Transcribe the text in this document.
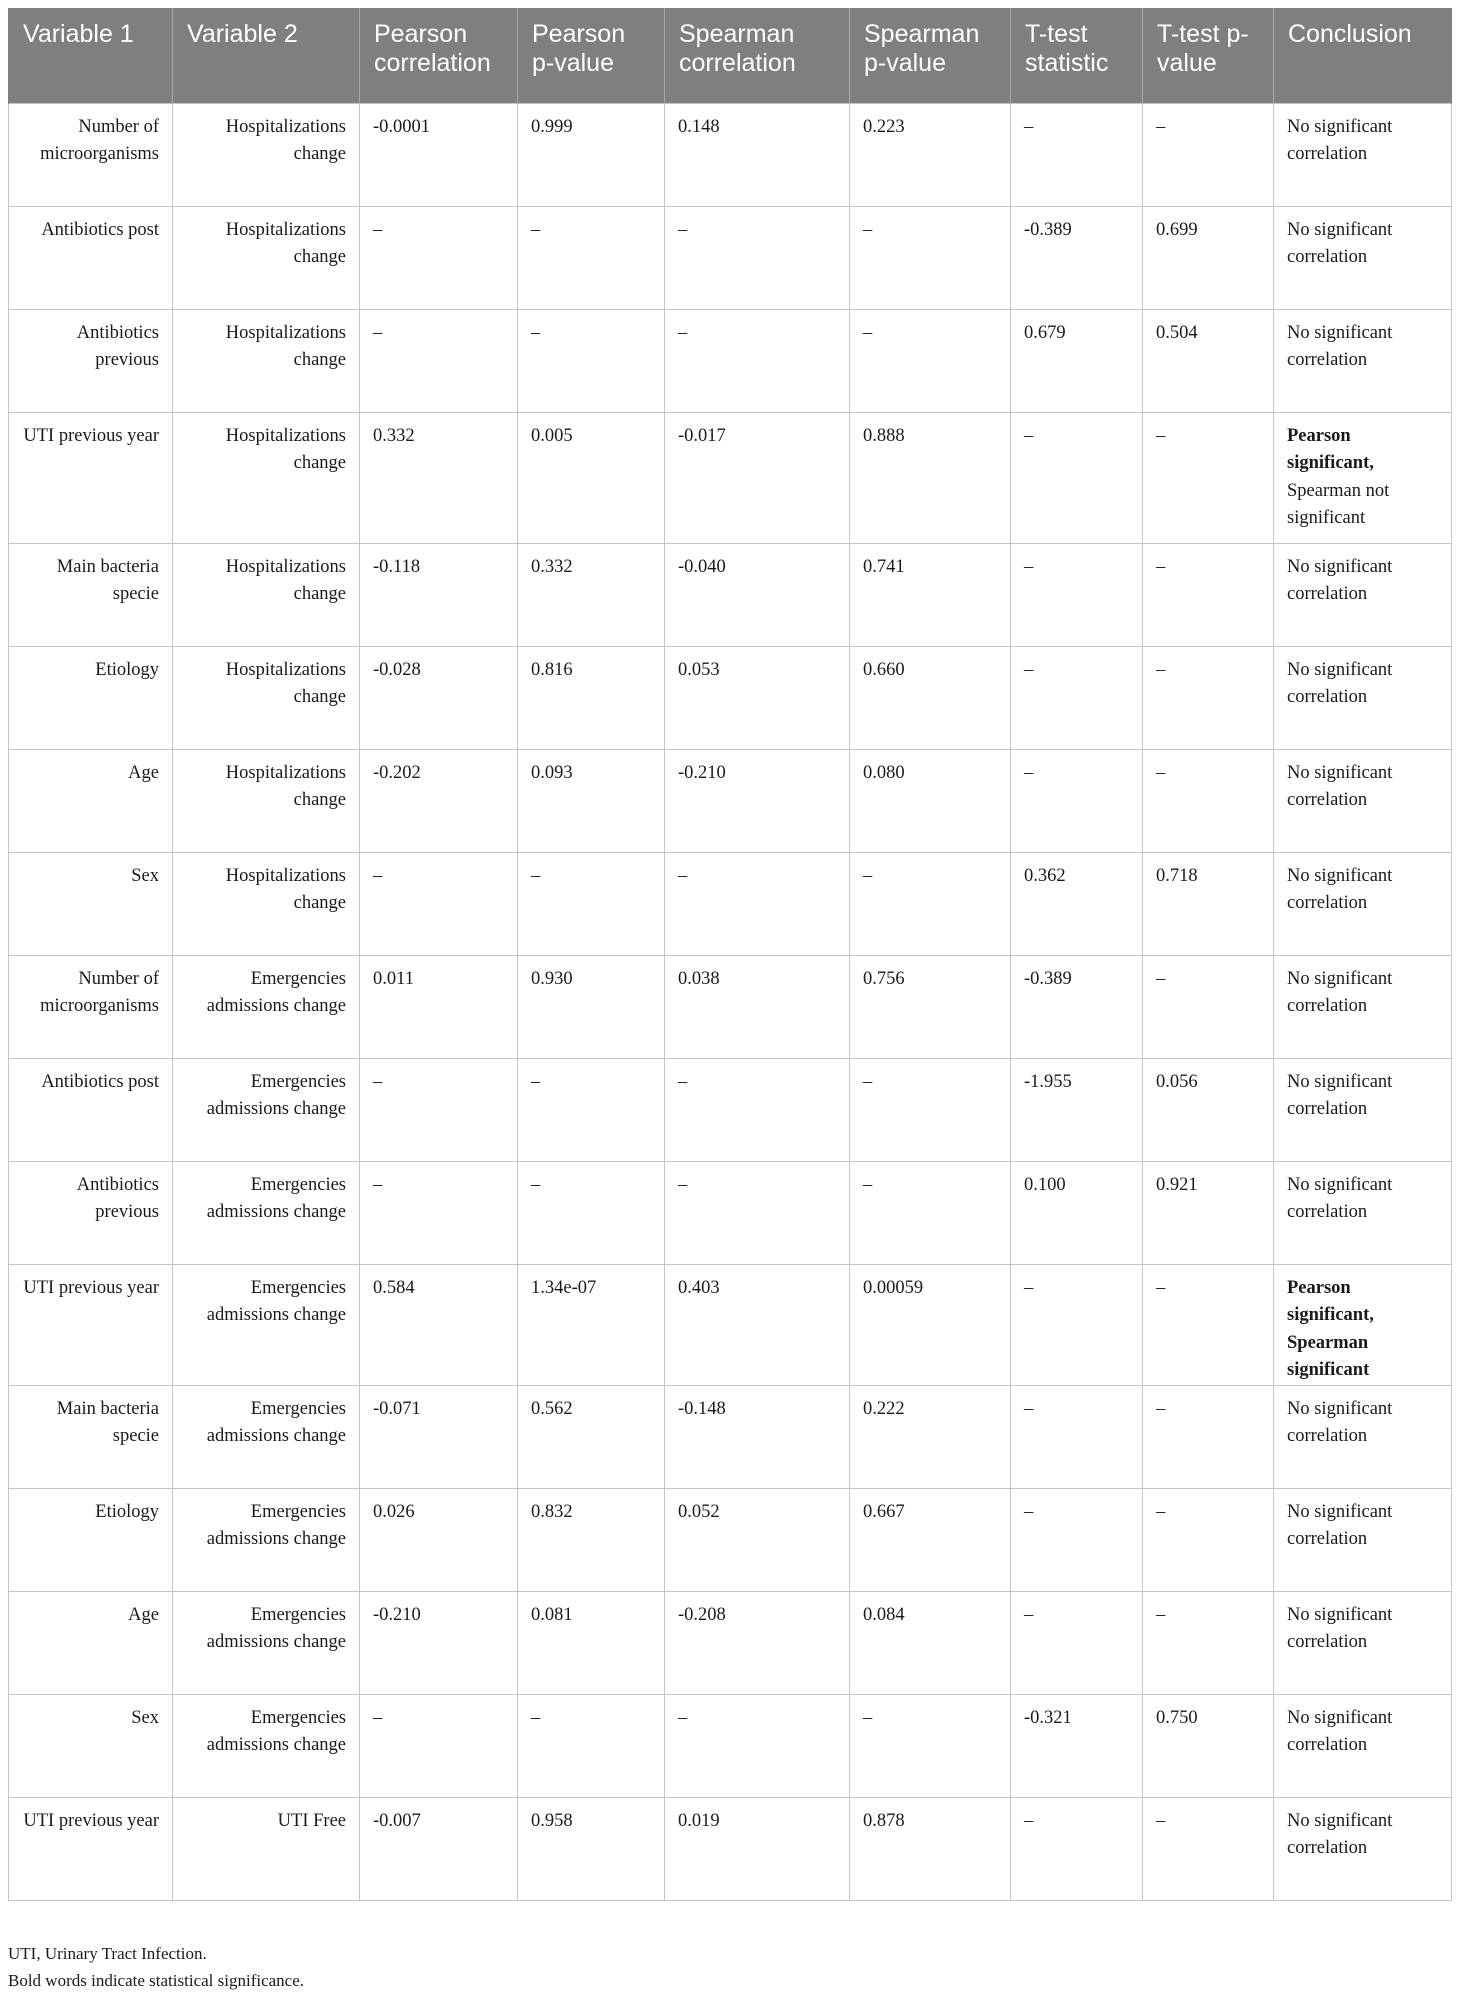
Variable 1	Variable 2	Pearson correlation	Pearson p-value	Spearman correlation	Spearman p-value	T-test statistic	T-test p-value	Conclusion
Number of microorganisms	Hospitalizations change	-0.0001	0.999	0.148	0.223	–	–	No significant correlation
Antibiotics post	Hospitalizations change	–	–	–	–	-0.389	0.699	No significant correlation
Antibiotics previous	Hospitalizations change	–	–	–	–	0.679	0.504	No significant correlation
UTI previous year	Hospitalizations change	0.332	0.005	-0.017	0.888	–	–	Pearson significant, Spearman not significant
Main bacteria specie	Hospitalizations change	-0.118	0.332	-0.040	0.741	–	–	No significant correlation
Etiology	Hospitalizations change	-0.028	0.816	0.053	0.660	–	–	No significant correlation
Age	Hospitalizations change	-0.202	0.093	-0.210	0.080	–	–	No significant correlation
Sex	Hospitalizations change	–	–	–	–	0.362	0.718	No significant correlation
Number of microorganisms	Emergencies admissions change	0.011	0.930	0.038	0.756	-0.389	–	No significant correlation
Antibiotics post	Emergencies admissions change	–	–	–	–	-1.955	0.056	No significant correlation
Antibiotics previous	Emergencies admissions change	–	–	–	–	0.100	0.921	No significant correlation
UTI previous year	Emergencies admissions change	0.584	1.34e-07	0.403	0.00059	–	–	Pearson significant, Spearman significant
Main bacteria specie	Emergencies admissions change	-0.071	0.562	-0.148	0.222	–	–	No significant correlation
Etiology	Emergencies admissions change	0.026	0.832	0.052	0.667	–	–	No significant correlation
Age	Emergencies admissions change	-0.210	0.081	-0.208	0.084	–	–	No significant correlation
Sex	Emergencies admissions change	–	–	–	–	-0.321	0.750	No significant correlation
UTI previous year	UTI Free	-0.007	0.958	0.019	0.878	–	–	No significant correlation
UTI, Urinary Tract Infection.
Bold words indicate statistical significance.
